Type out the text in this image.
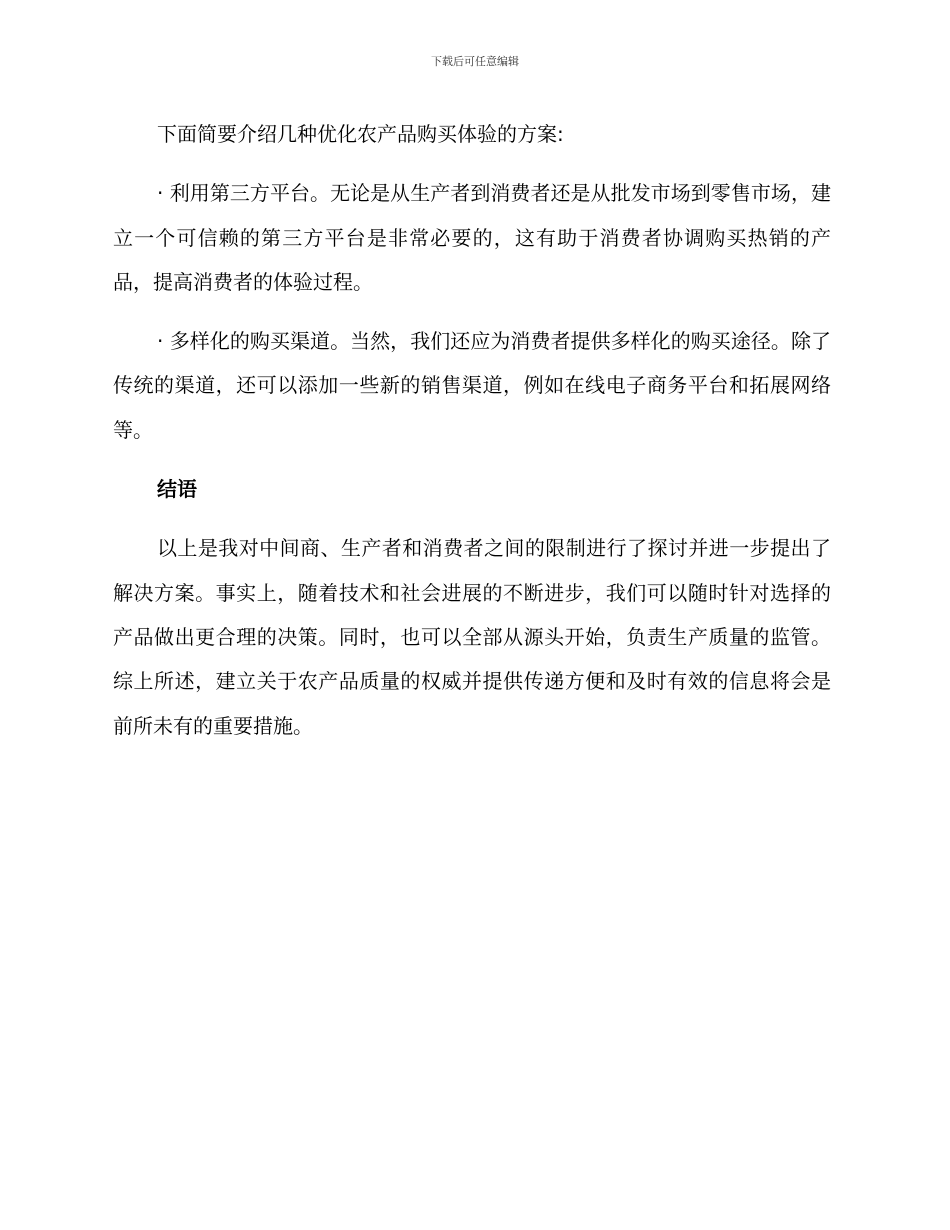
下载后可任意编辑

下面简要介绍几种优化农产品购买体验的方案:

· 利用第三方平台。无论是从生产者到消费者还是从批发市场到零售市场，建立一个可信赖的第三方平台是非常必要的，这有助于消费者协调购买热销的产品，提高消费者的体验过程。

· 多样化的购买渠道。当然，我们还应为消费者提供多样化的购买途径。除了传统的渠道，还可以添加一些新的销售渠道，例如在线电子商务平台和拓展网络等。

结语

以上是我对中间商、生产者和消费者之间的限制进行了探讨并进一步提出了解决方案。事实上，随着技术和社会进展的不断进步，我们可以随时针对选择的产品做出更合理的决策。同时，也可以全部从源头开始，负责生产质量的监管。综上所述，建立关于农产品质量的权威并提供传递方便和及时有效的信息将会是前所未有的重要措施。
